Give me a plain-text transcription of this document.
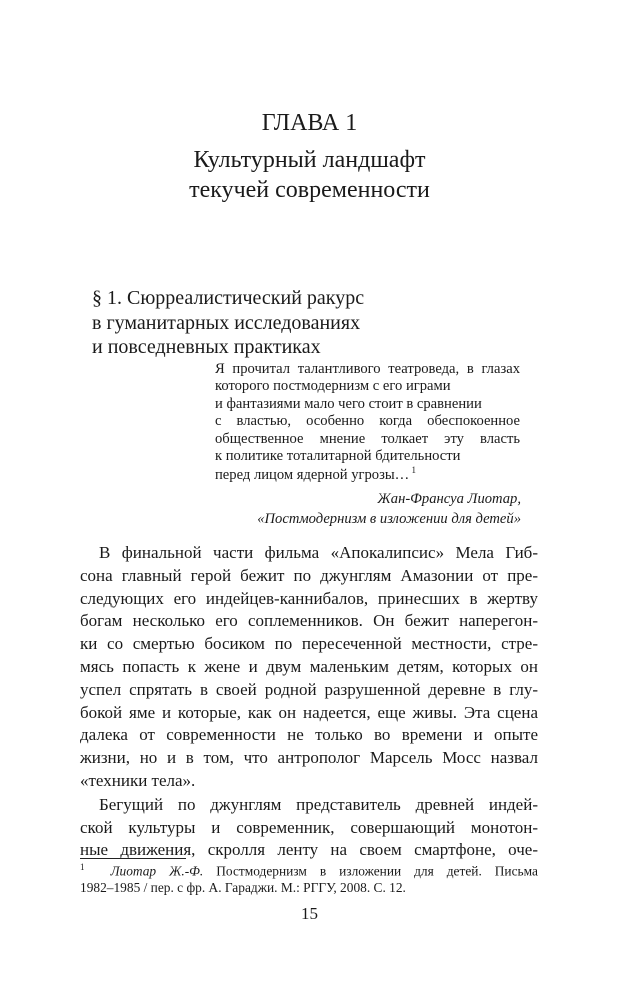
ГЛАВА 1
Культурный ландшафт
текучей современности
§ 1. Сюрреалистический ракурс
в гуманитарных исследованиях
и повседневных практиках
Я прочитал талантливого театроведа, в глазах
которого постмодернизм с его играми
и фантазиями мало чего стоит в сравнении
с властью, особенно когда обеспокоенное
общественное мнение толкает эту власть
к политике тоталитарной бдительности
перед лицом ядерной угрозы… $^1$
Жан-Франсуа Лиотар,
«Постмодернизм в изложении для детей»
В финальной части фильма «Апокалипсис» Мела Гиб-
сона главный герой бежит по джунглям Амазонии от пре-
следующих его индейцев-каннибалов, принесших в жертву
богам несколько его соплеменников. Он бежит наперегон-
ки со смертью босиком по пересеченной местности, стре-
мясь попасть к жене и двум маленьким детям, которых он
успел спрятать в своей родной разрушенной деревне в глу-
бокой яме и которые, как он надеется, еще живы. Эта сцена
далека от современности не только во времени и опыте
жизни, но и в том, что антрополог Марсель Мосс назвал
«техники тела».
Бегущий по джунглям представитель древней индей-
ской культуры и современник, совершающий монотон-
ные движения, скролля ленту на своем смартфоне, оче-
$^1$ Лиотар Ж.-Ф. Постмодернизм в изложении для детей. Письма
1982–1985 / пер. с фр. А. Гараджи. М.: РГГУ, 2008. С. 12.
15
